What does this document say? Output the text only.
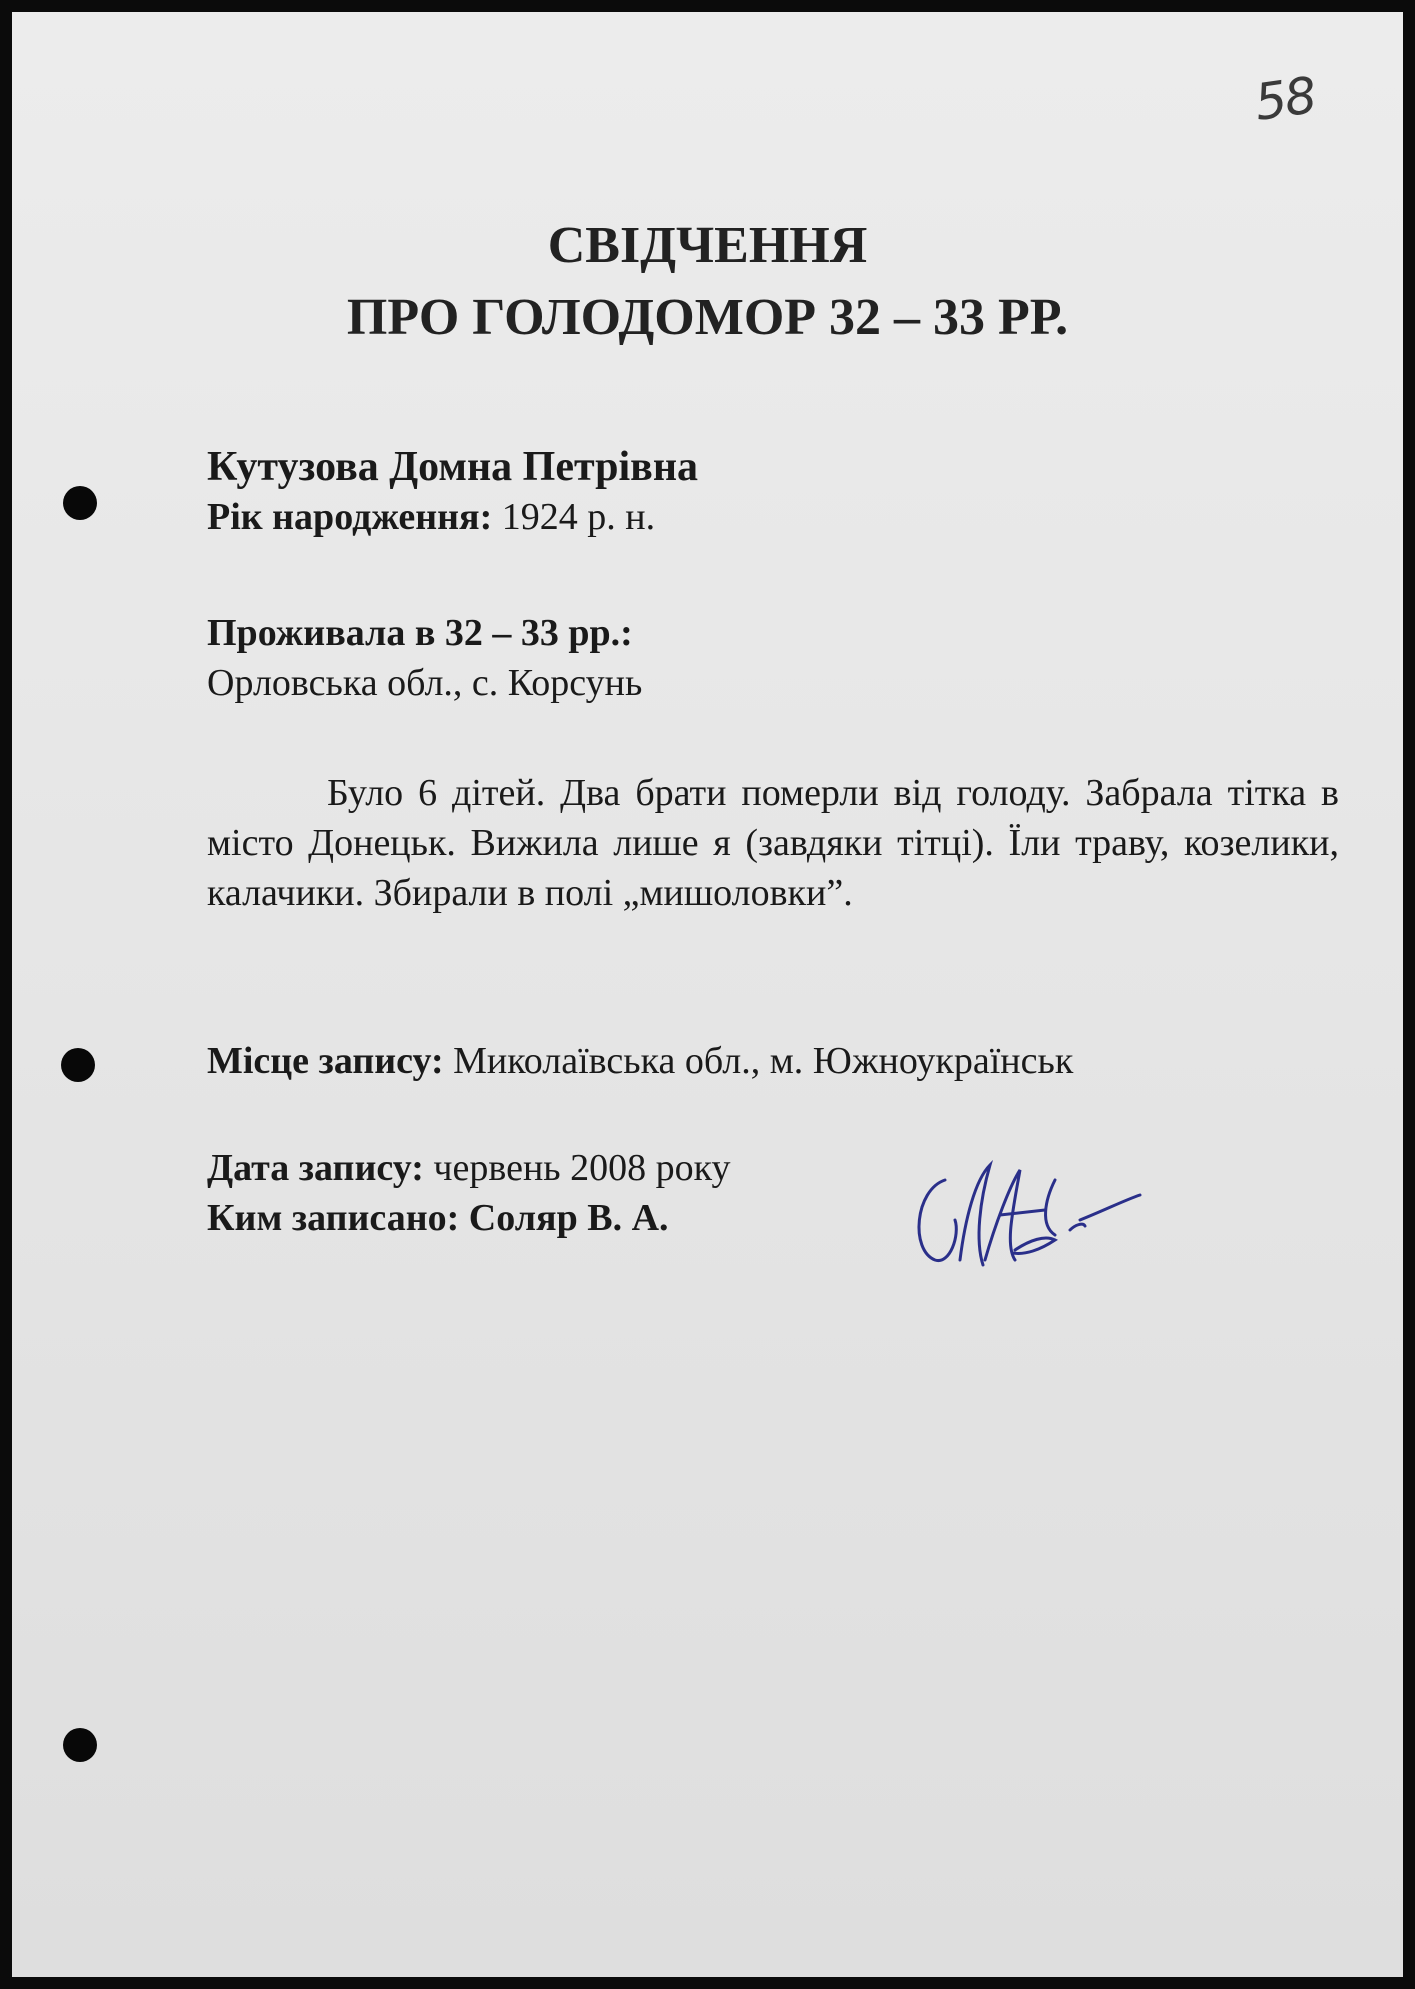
58
СВІДЧЕННЯ
ПРО ГОЛОДОМОР 32 – 33 РР.
Кутузова Домна Петрівна
Рік народження: 1924 р. н.
Проживала в 32 – 33 рр.:
Орловська обл., с. Корсунь

Було 6 дітей. Два брати померли від голоду. Забрала тітка в місто Донецьк. Вижила лише я (завдяки тітці). Їли траву, козелики, калачики. Збирали в полі „мишоловки”.

Місце запису: Миколаївська обл., м. Южноукраїнськ
Дата запису: червень 2008 року
Ким записано: Соляр В. А.
